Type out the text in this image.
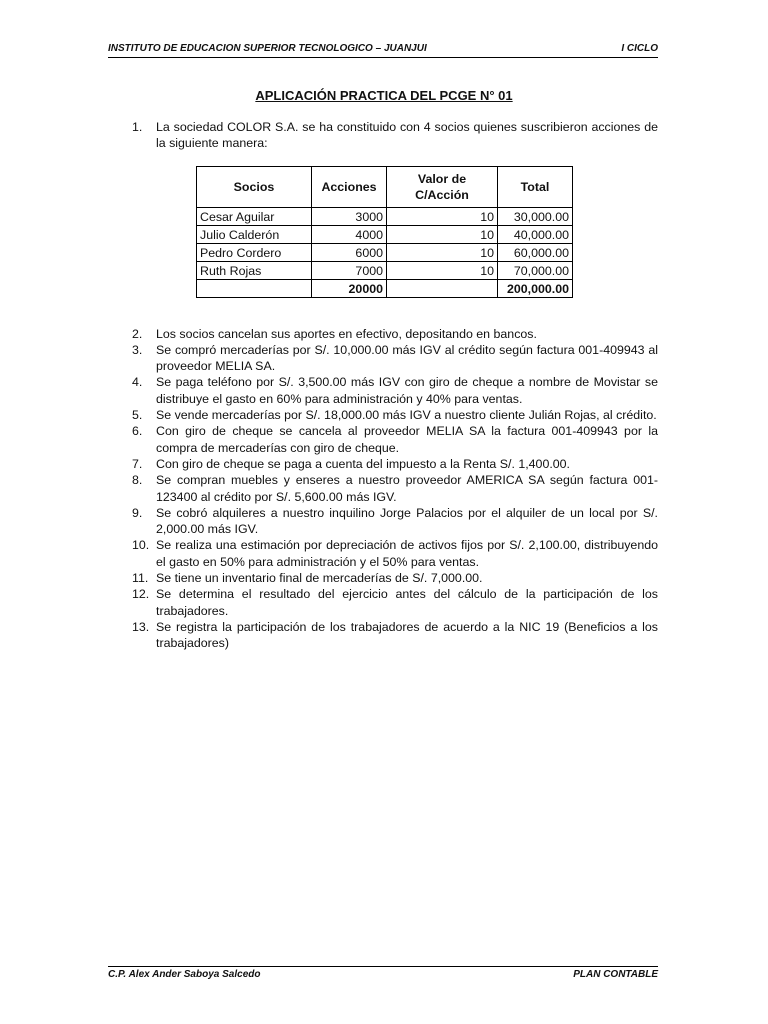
INSTITUTO DE EDUCACION SUPERIOR TECNOLOGICO – JUANJUI	I CICLO
APLICACIÓN PRACTICA DEL PCGE N° 01
1. La sociedad COLOR S.A. se ha constituido con 4 socios quienes suscribieron acciones de la siguiente manera:
2. Los socios cancelan sus aportes en efectivo, depositando en bancos.
3. Se compró mercaderías por S/. 10,000.00 más IGV al crédito según factura 001-409943 al proveedor MELIA SA.
4. Se paga teléfono por S/. 3,500.00 más IGV con giro de cheque a nombre de Movistar se distribuye el gasto en 60% para administración y 40% para ventas.
5. Se vende mercaderías por S/. 18,000.00 más IGV a nuestro cliente Julián Rojas, al crédito.
6. Con giro de cheque se cancela al proveedor MELIA SA la factura 001-409943 por la compra de mercaderías con giro de cheque.
7. Con giro de cheque se paga a cuenta del impuesto a la Renta S/. 1,400.00.
8. Se compran muebles y enseres a nuestro proveedor AMERICA SA según factura 001-123400 al crédito por S/. 5,600.00 más IGV.
9. Se cobró alquileres a nuestro inquilino Jorge Palacios por el alquiler de un local por S/. 2,000.00 más IGV.
10. Se realiza una estimación por depreciación de activos fijos por S/. 2,100.00, distribuyendo el gasto en 50% para administración y el 50% para ventas.
11. Se tiene un inventario final de mercaderías de S/. 7,000.00.
12. Se determina el resultado del ejercicio antes del cálculo de la participación de los trabajadores.
13. Se registra la participación de los trabajadores de acuerdo a la NIC 19 (Beneficios a los trabajadores)
Socios	Acciones	Valor de C/Acción	Total
Cesar Aguilar	3000	10	30,000.00
Julio Calderón	4000	10	40,000.00
Pedro Cordero	6000	10	60,000.00
Ruth Rojas	7000	10	70,000.00
	20000		200,000.00
C.P. Alex Ander Saboya Salcedo	PLAN CONTABLE
